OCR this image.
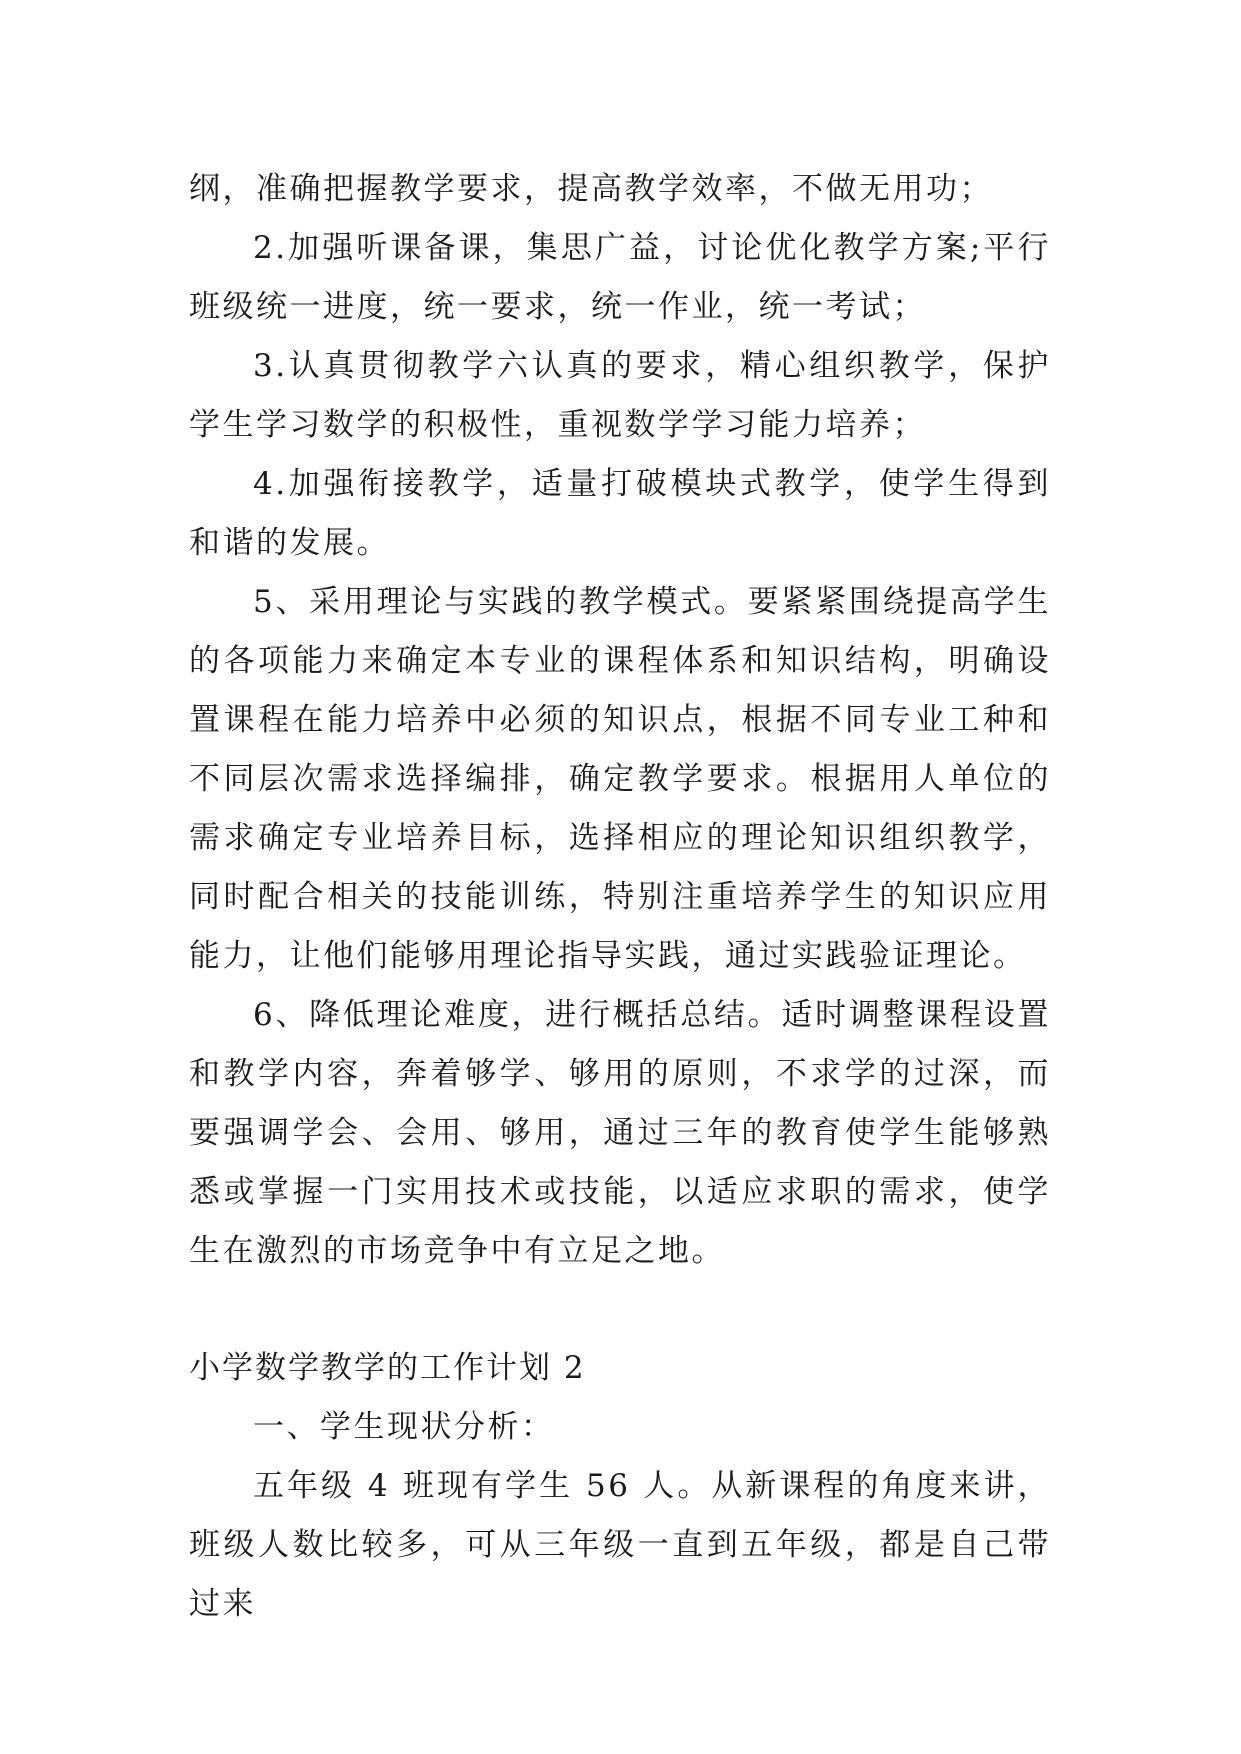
纲，准确把握教学要求，提高教学效率，不做无用功；

2.加强听课备课，集思广益，讨论优化教学方案;平行班级统一进度，统一要求，统一作业，统一考试；

3.认真贯彻教学六认真的要求，精心组织教学，保护学生学习数学的积极性，重视数学学习能力培养；

4.加强衔接教学，适量打破模块式教学，使学生得到和谐的发展。

5、采用理论与实践的教学模式。要紧紧围绕提高学生的各项能力来确定本专业的课程体系和知识结构，明确设置课程在能力培养中必须的知识点，根据不同专业工种和不同层次需求选择编排，确定教学要求。根据用人单位的需求确定专业培养目标，选择相应的理论知识组织教学，同时配合相关的技能训练，特别注重培养学生的知识应用能力，让他们能够用理论指导实践，通过实践验证理论。

6、降低理论难度，进行概括总结。适时调整课程设置和教学内容，奔着够学、够用的原则，不求学的过深，而要强调学会、会用、够用，通过三年的教育使学生能够熟悉或掌握一门实用技术或技能，以适应求职的需求，使学生在激烈的市场竞争中有立足之地。

小学数学教学的工作计划 2

一、学生现状分析：

五年级 4 班现有学生 56 人。从新课程的角度来讲，班级人数比较多，可从三年级一直到五年级，都是自己带过来
